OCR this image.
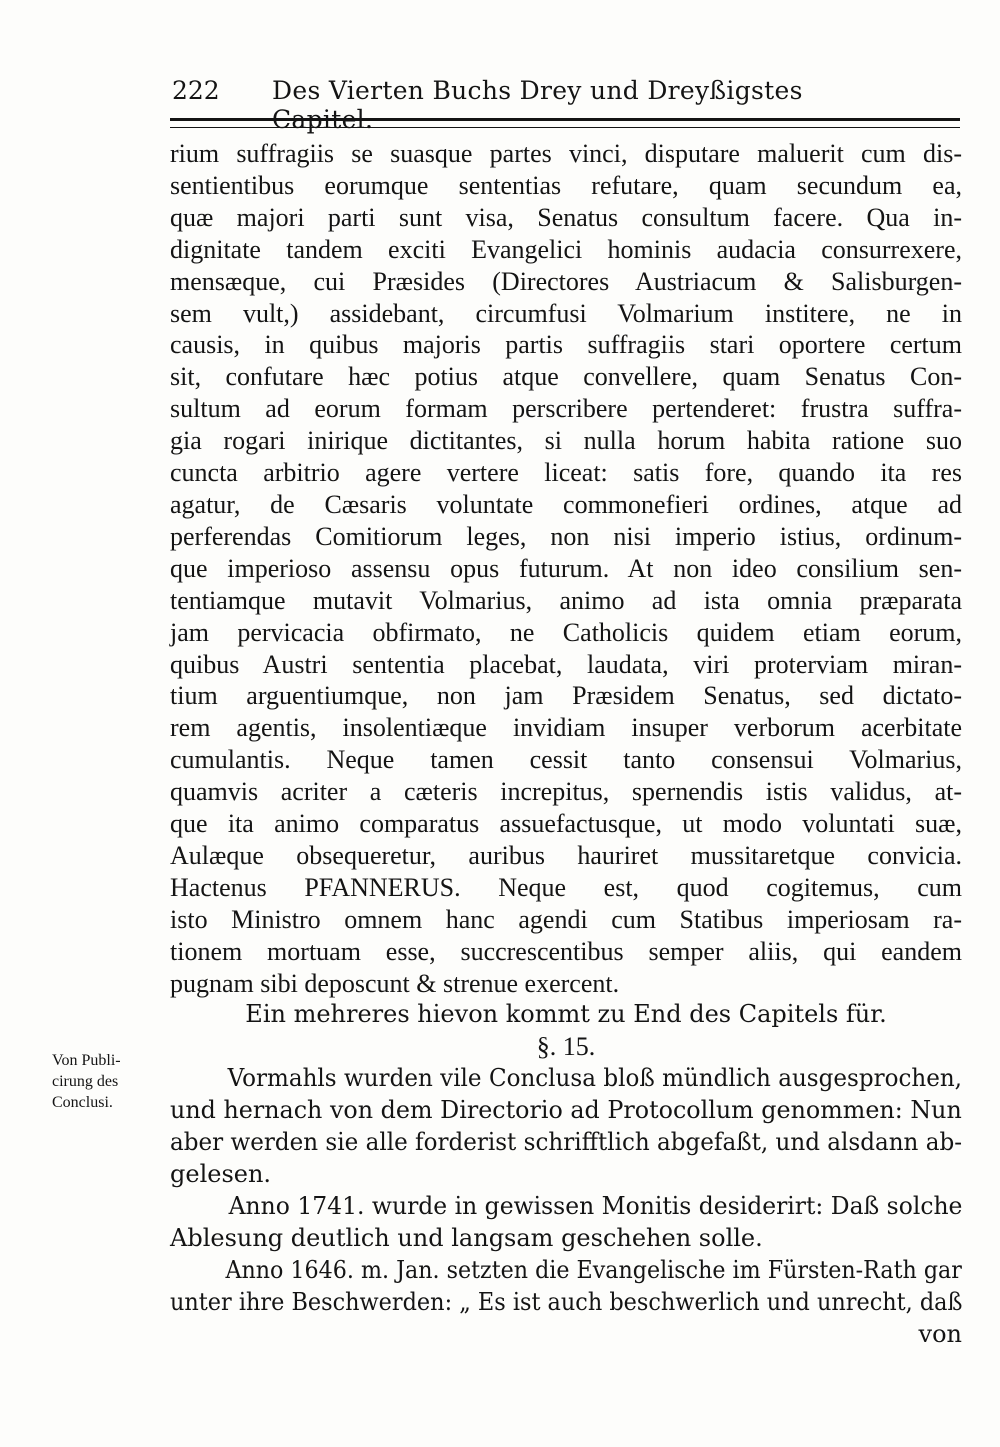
222 Des Vierten Buchs Drey und Dreyßigstes Capitel.
Von Publi-
cirung des
Conclusi.
rium suffragiis se suasque partes vinci, disputare maluerit cum dis-
sentientibus eorumque sententias refutare, quam secundum ea,
quæ majori parti sunt visa, Senatus consultum facere. Qua in-
dignitate tandem exciti Evangelici hominis audacia consurrexere,
mensæque, cui Præsides (Directores Austriacum & Salisburgen-
sem vult,) assidebant, circumfusi Volmarium institere, ne in
causis, in quibus majoris partis suffragiis stari oportere certum
sit, confutare hæc potius atque convellere, quam Senatus Con-
sultum ad eorum formam perscribere pertenderet: frustra suffra-
gia rogari inirique dictitantes, si nulla horum habita ratione suo
cuncta arbitrio agere vertere liceat: satis fore, quando ita res
agatur, de Cæsaris voluntate commonefieri ordines, atque ad
perferendas Comitiorum leges, non nisi imperio istius, ordinum-
que imperioso assensu opus futurum. At non ideo consilium sen-
tentiamque mutavit Volmarius, animo ad ista omnia præparata
jam pervicacia obfirmato, ne Catholicis quidem etiam eorum,
quibus Austri sententia placebat, laudata, viri proterviam miran-
tium arguentiumque, non jam Præsidem Senatus, sed dictato-
rem agentis, insolentiæque invidiam insuper verborum acerbitate
cumulantis. Neque tamen cessit tanto consensui Volmarius,
quamvis acriter a cæteris increpitus, spernendis istis validus, at-
que ita animo comparatus assuefactusque, ut modo voluntati suæ,
Aulæque obsequeretur, auribus hauriret mussitaretque convicia.
Hactenus PFANNERUS. Neque est, quod cogitemus, cum
isto Ministro omnem hanc agendi cum Statibus imperiosam ra-
tionem mortuam esse, succrescentibus semper aliis, qui eandem
pugnam sibi deposcunt & strenue exercent.
Ein mehreres hievon kommt zu End des Capitels für.
§. 15.
Vormahls wurden vile Conclusa bloß mündlich ausgesprochen,
und hernach von dem Directorio ad Protocollum genommen: Nun
aber werden sie alle forderist schrifftlich abgefaßt, und alsdann ab-
gelesen.
Anno 1741. wurde in gewissen Monitis desiderirt: Daß solche
Ablesung deutlich und langsam geschehen solle.
Anno 1646. m. Jan. setzten die Evangelische im Fürsten-Rath gar
unter ihre Beschwerden: „ Es ist auch beschwerlich und unrecht, daß
von
